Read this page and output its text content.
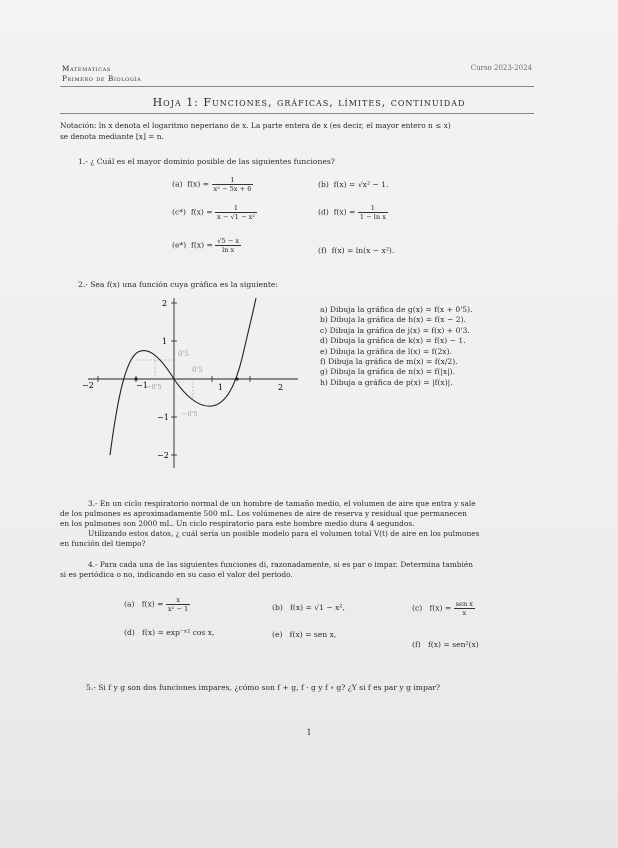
Matemáticas
Primero de Biología
Curso 2023-2024
Hoja 1: Funciones, gráficas, límites, continuidad
Notación: ln x denota el logaritmo neperiano de x. La parte entera de x (es decir, el mayor entero n ≤ x)
se denota mediante [x] = n.
1.- ¿ Cuál es el mayor dominio posible de las siguientes funciones?
(a) $f(x) = \frac{1}{\text{x² − 5x + 6}}$	(b) f(x) = √x² − 1.
(c*) $f(x) = \frac{1}{\text{x − √1 − x²}}$	(d) $f(x) = \frac{1}{\text{1 − ln x}}$
(e*) $f(x) = \frac{√5 - x}{\text{ln x}}$	(f) f(x) = ln(x − x²).
2.- Sea f(x) una función cuya gráfica es la siguiente:
−2	−1	1	2
2
1
−1
−2
0'5
0'5
−0'5
−0'5
a) Dibuja la gráfica de g(x) = f(x + 0'5).
b) Dibuja la gráfica de h(x) = f(x − 2).
c) Dibuja la gráfica de j(x) = f(x) + 0'3.
d) Dibuja la gráfica de k(x) = f(x) − 1.
e) Dibuja la gráfica de l(x) = f(2x).
f) Dibuja la gráfica de m(x) = f(x/2).
g) Dibuja la gráfica de n(x) = f(|x|).
h) Dibuja a gráfica de p(x) = |f(x)|.
3.- En un ciclo respiratorio normal de un hombre de tamaño medio, el volumen de aire que entra y sale
de los pulmones es aproximadamente 500 mL. Los volúmenes de aire de reserva y residual que permanecen
en los pulmones son 2000 mL. Un ciclo respiratorio para este hombre medio dura 4 segundos.
Utilizando estos datos, ¿ cuál sería un posible modelo para el volumen total V(t) de aire en los pulmones
en función del tiempo?
4.- Para cada una de las siguientes funciones di, razonadamente, si es par o impar. Determina también
si es periódica o no, indicando en su caso el valor del periodo.
(a) $f(x) = \frac{x}{\text{x² − 1}}$	(b) f(x) = √1 − x²,	(c) $f(x) = \frac{\text{sen x}}{x}$
(d) f(x) = exp⁻ˣ² cos x,	(e) f(x) = sen x,
(f) f(x) = sen²(x)
5.- Si f y g son dos funciones impares, ¿cómo son f + g, f · g y f ∘ g? ¿Y si f es par y g impar?
1
